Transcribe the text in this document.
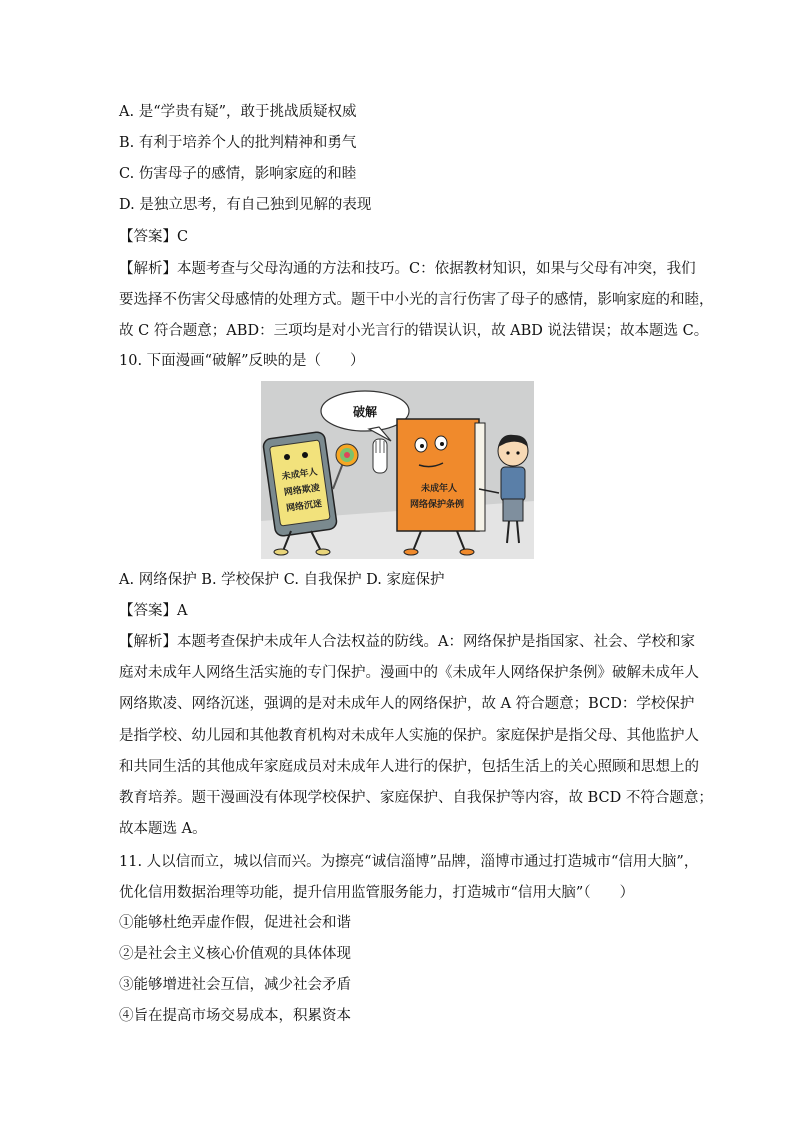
A. 是“学贵有疑”，敢于挑战质疑权威
B. 有利于培养个人的批判精神和勇气
C. 伤害母子的感情，影响家庭的和睦
D. 是独立思考，有自己独到见解的表现
【答案】C
【解析】本题考查与父母沟通的方法和技巧。C：依据教材知识，如果与父母有冲突，我们
要选择不伤害父母感情的处理方式。题干中小光的言行伤害了母子的感情，影响家庭的和睦，
故 C 符合题意；ABD：三项均是对小光言行的错误认识，故 ABD 说法错误；故本题选 C。
10. 下面漫画“破解”反映的是（　　）
破解
未成年人
网络欺凌
网络沉迷
未成年人
网络保护条例
A. 网络保护 B. 学校保护 C. 自我保护 D. 家庭保护
【答案】A
【解析】本题考查保护未成年人合法权益的防线。A：网络保护是指国家、社会、学校和家
庭对未成年人网络生活实施的专门保护。漫画中的《未成年人网络保护条例》破解未成年人
网络欺凌、网络沉迷，强调的是对未成年人的网络保护，故 A 符合题意；BCD：学校保护
是指学校、幼儿园和其他教育机构对未成年人实施的保护。家庭保护是指父母、其他监护人
和共同生活的其他成年家庭成员对未成年人进行的保护，包括生活上的关心照顾和思想上的
教育培养。题干漫画没有体现学校保护、家庭保护、自我保护等内容，故 BCD 不符合题意；
故本题选 A。
11. 人以信而立，城以信而兴。为擦亮“诚信淄博”品牌，淄博市通过打造城市“信用大脑”，
优化信用数据治理等功能，提升信用监管服务能力，打造城市“信用大脑”（　　）
①能够杜绝弄虚作假，促进社会和谐
②是社会主义核心价值观的具体体现
③能够增进社会互信，减少社会矛盾
④旨在提高市场交易成本，积累资本
